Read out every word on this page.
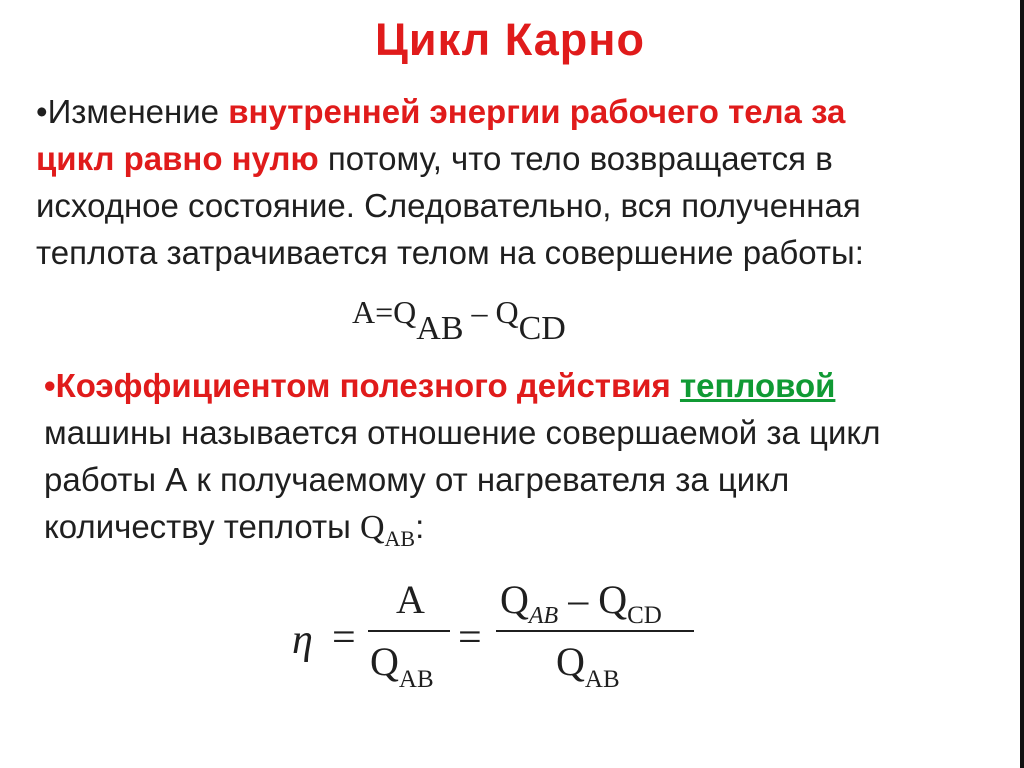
Цикл Карно
•Изменение внутренней энергии рабочего тела за
цикл равно нулю потому, что тело возвращается в
исходное состояние. Следовательно, вся полученная
теплота затрачивается телом на совершение работы:
A=QAB – QCD
•Коэффициентом полезного действия тепловой
машины называется отношение совершаемой за цикл
работы А к получаемому от нагревателя за цикл
количеству теплоты $Q_{AB}$:
η =
A
$Q_{AB}$
=
$Q_{AB} - Q_{CD}$
$Q_{AB}$
